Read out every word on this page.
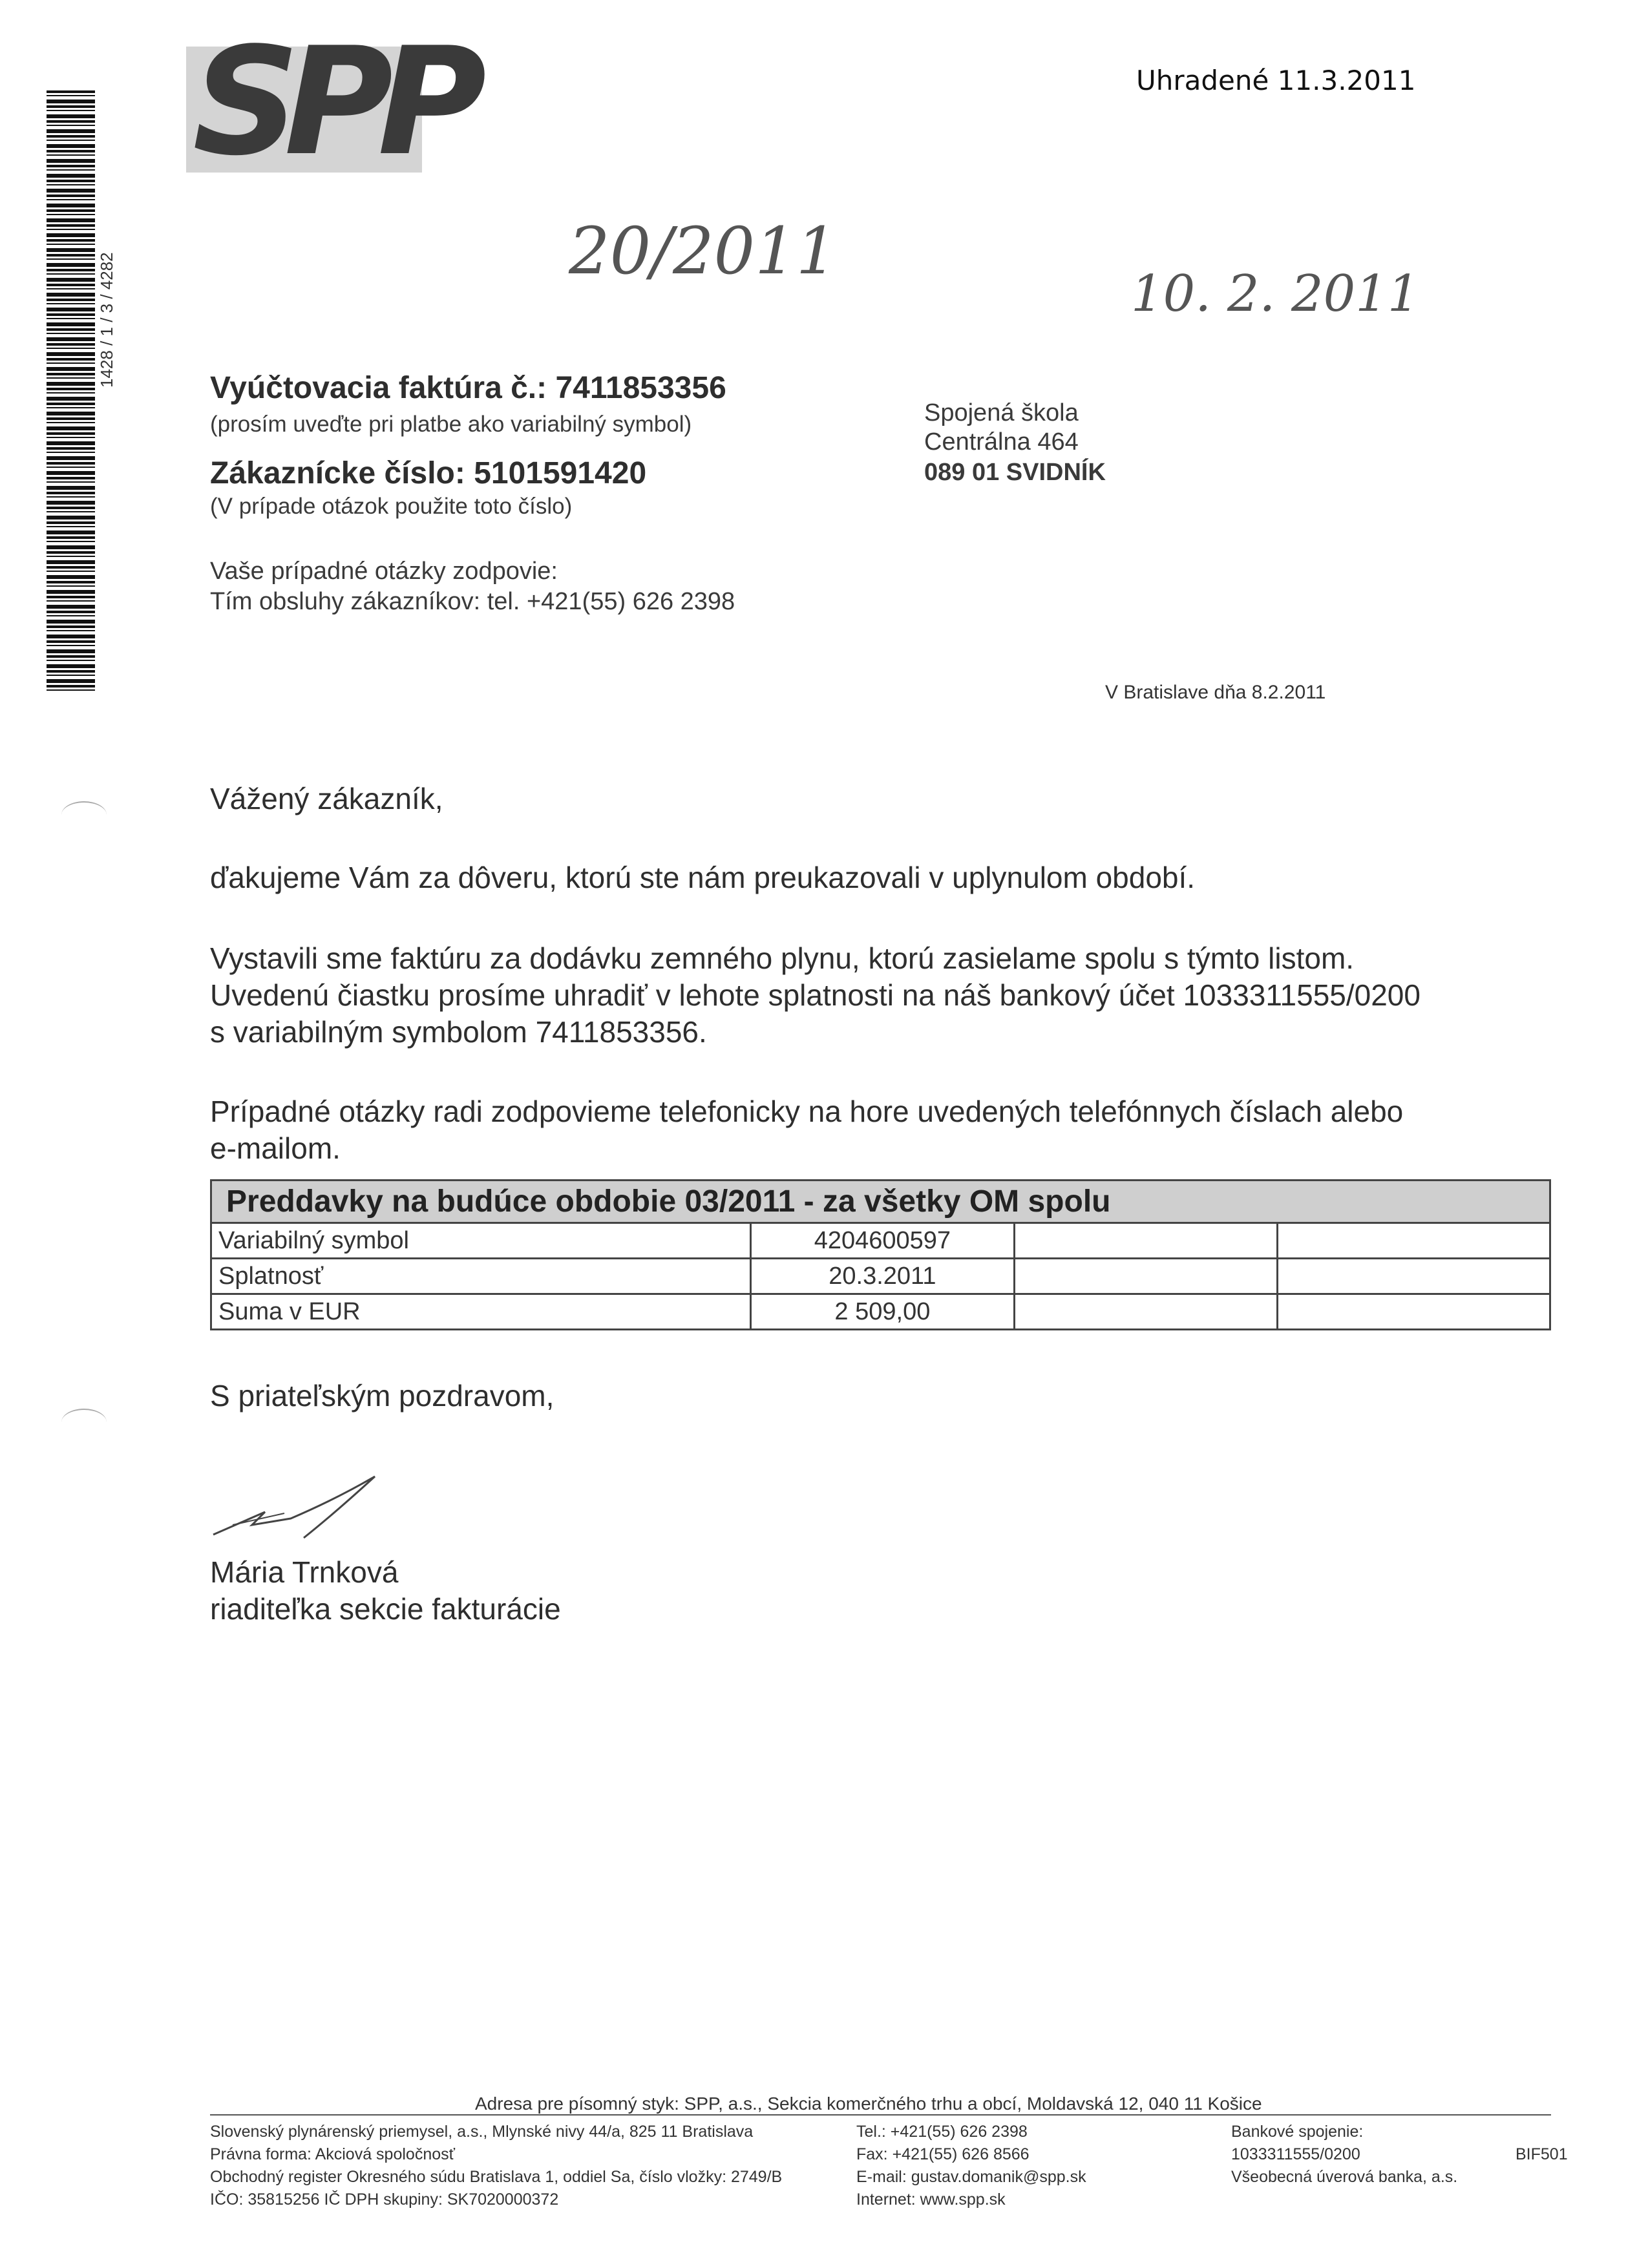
1428 / 1 / 3 / 4282
SPP	Uhradené 11.3.2011
20/2011
10. 2. 2011
Vyúčtovacia faktúra č.: 7411853356
(prosím uveďte pri platbe ako variabilný symbol)
Zákaznícke číslo: 5101591420
(V prípade otázok použite toto číslo)
Vaše prípadné otázky zodpovie:
Tím obsluhy zákazníkov: tel. +421(55) 626 2398
Spojená škola
Centrálna 464
089 01 SVIDNÍK
V Bratislave dňa 8.2.2011
Vážený zákazník,
ďakujeme Vám za dôveru, ktorú ste nám preukazovali v uplynulom období.
Vystavili sme faktúru za dodávku zemného plynu, ktorú zasielame spolu s týmto listom.
Uvedenú čiastku prosíme uhradiť v lehote splatnosti na náš bankový účet 1033311555/0200
s variabilným symbolom 7411853356.
Prípadné otázky radi zodpovieme telefonicky na hore uvedených telefónnych číslach alebo
e-mailom.
Preddavky na budúce obdobie 03/2011 - za všetky OM spolu			
Variabilný symbol	4204600597		
Splatnosť	20.3.2011		
Suma v EUR	2 509,00		
S priateľským pozdravom,
Mária Trnková
riaditeľka sekcie fakturácie
Adresa pre písomný styk: SPP, a.s., Sekcia komerčného trhu a obcí, Moldavská 12, 040 11 Košice
Slovenský plynárenský priemysel, a.s., Mlynské nivy 44/a, 825 11 Bratislava
Právna forma: Akciová spoločnosť
Obchodný register Okresného súdu Bratislava 1, oddiel Sa, číslo vložky: 2749/B
IČO: 35815256 IČ DPH skupiny: SK7020000372
Tel.: +421(55) 626 2398
Fax: +421(55) 626 8566
E-mail: gustav.domanik@spp.sk
Internet: www.spp.sk
Bankové spojenie:
1033311555/0200
Všeobecná úverová banka, a.s.
BIF501
